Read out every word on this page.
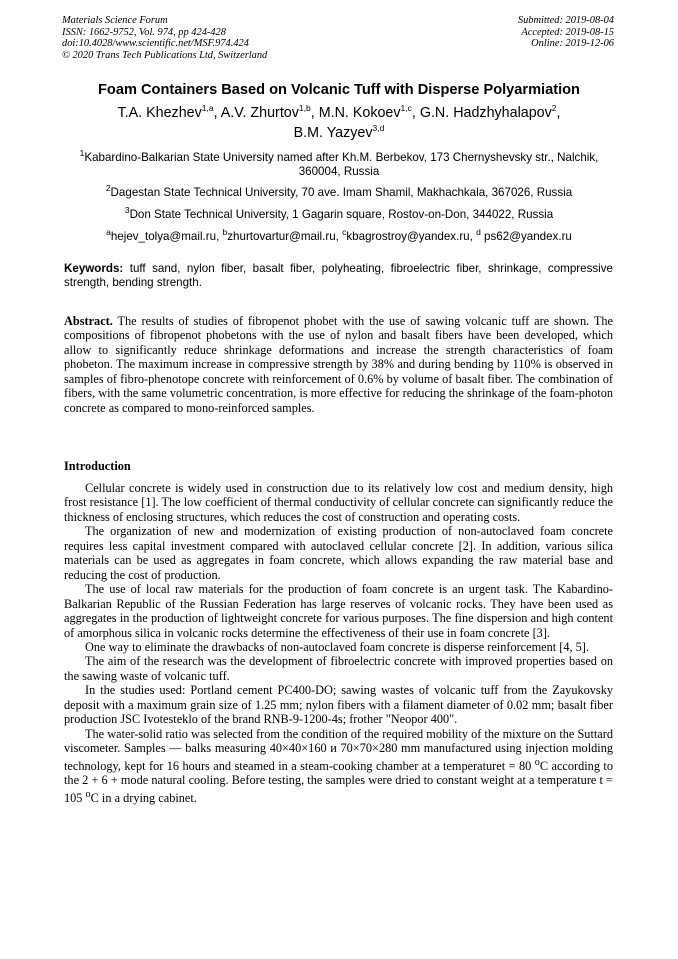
Materials Science Forum
ISSN: 1662-9752, Vol. 974, pp 424-428
doi:10.4028/www.scientific.net/MSF.974.424
© 2020 Trans Tech Publications Ltd, Switzerland
Submitted: 2019-08-04
Accepted: 2019-08-15
Online: 2019-12-06
Foam Containers Based on Volcanic Tuff with Disperse Polyarmiation
T.A. Khezhev$^{1,a}$, A.V. Zhurtov$^{1,b}$, M.N. Kokoev$^{1,c}$, G.N. Hadzhyhalapov$^2$,
B.M. Yazyev$^{3,d}$
$^1$Kabardino-Balkarian State University named after Kh.M. Berbekov, 173 Chernyshevsky str., Nalchik, 360004, Russia
$^2$Dagestan State Technical University, 70 ave. Imam Shamil, Makhachkala, 367026, Russia
$^3$Don State Technical University, 1 Gagarin square, Rostov-on-Don, 344022, Russia
$^a$hejev_tolya@mail.ru, $^b$zhurtovartur@mail.ru, $^c$kbagrostroy@yandex.ru, $^d$ ps62@yandex.ru
Keywords: tuff sand, nylon fiber, basalt fiber, polyheating, fibroelectric fiber, shrinkage, compressive strength, bending strength.
Abstract. The results of studies of fibropenot phobet with the use of sawing volcanic tuff are shown. The compositions of fibropenot phobetons with the use of nylon and basalt fibers have been developed, which allow to significantly reduce shrinkage deformations and increase the strength characteristics of foam phobeton. The maximum increase in compressive strength by 38% and during bending by 110% is observed in samples of fibro-phenotope concrete with reinforcement of 0.6% by volume of basalt fiber. The combination of fibers, with the same volumetric concentration, is more effective for reducing the shrinkage of the foam-photon concrete as compared to mono-reinforced samples.
Introduction

Cellular concrete is widely used in construction due to its relatively low cost and medium density, high frost resistance [1]. The low coefficient of thermal conductivity of cellular concrete can significantly reduce the thickness of enclosing structures, which reduces the cost of construction and operating costs.

The organization of new and modernization of existing production of non-autoclaved foam concrete requires less capital investment compared with autoclaved cellular concrete [2]. In addition, various silica materials can be used as aggregates in foam concrete, which allows expanding the raw material base and reducing the cost of production.

The use of local raw materials for the production of foam concrete is an urgent task. The Kabardino-Balkarian Republic of the Russian Federation has large reserves of volcanic rocks. They have been used as aggregates in the production of lightweight concrete for various purposes. The fine dispersion and high content of amorphous silica in volcanic rocks determine the effectiveness of their use in foam concrete [3].

One way to eliminate the drawbacks of non-autoclaved foam concrete is disperse reinforcement [4, 5].

The aim of the research was the development of fibroelectric concrete with improved properties based on the sawing waste of volcanic tuff.

In the studies used: Portland cement PC400-DO; sawing wastes of volcanic tuff from the Zayukovsky deposit with a maximum grain size of 1.25 mm; nylon fibers with a filament diameter of 0.02 mm; basalt fiber production JSC Ivotesteklo of the brand RNB-9-1200-4s; frother "Neopor 400".

The water-solid ratio was selected from the condition of the required mobility of the mixture on the Suttard viscometer. Samples — balks measuring 40×40×160 и 70×70×280 mm manufactured using injection molding technology, kept for 16 hours and steamed in a steam-cooking chamber at a temperaturet = 80 $^o$C according to the 2 + 6 + mode natural cooling. Before testing, the samples were dried to constant weight at a temperature t = 105 $^o$C in a drying cabinet.
